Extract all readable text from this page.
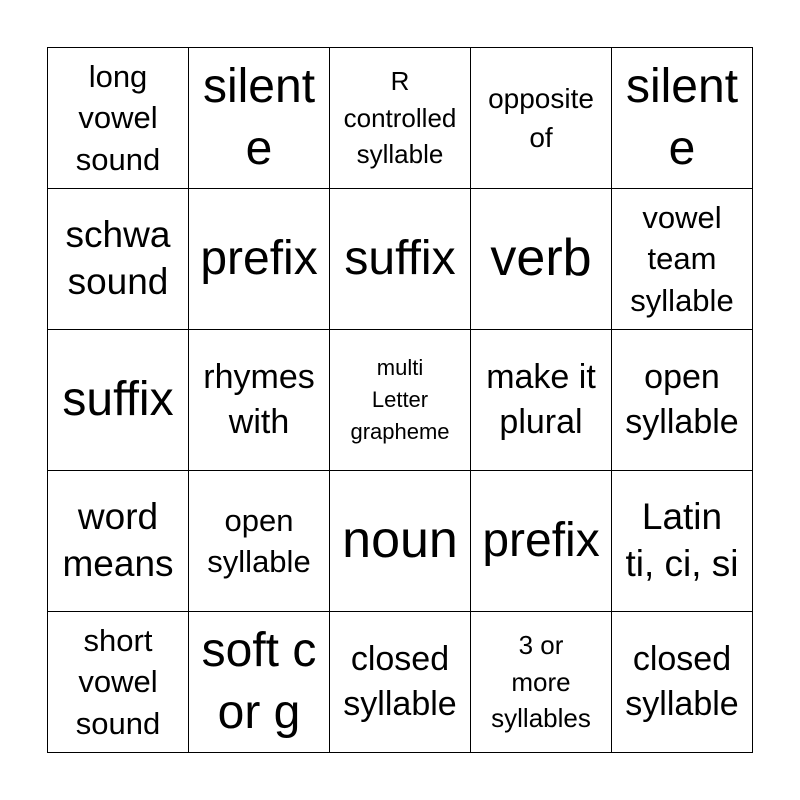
long
vowel
sound
silent
e
R
controlled
syllable
opposite
of
silent
e
schwa
sound prefix suffix verb
vowel
team
syllable
suffix rhymes
with
multi
Letter
grapheme
make it
plural
open
syllable
word
means
open
syllable noun prefix	Latin
ti, ci, si
short
vowel
sound
soft c
or g
closed
syllable
3 or
more
syllables
closed
syllable
